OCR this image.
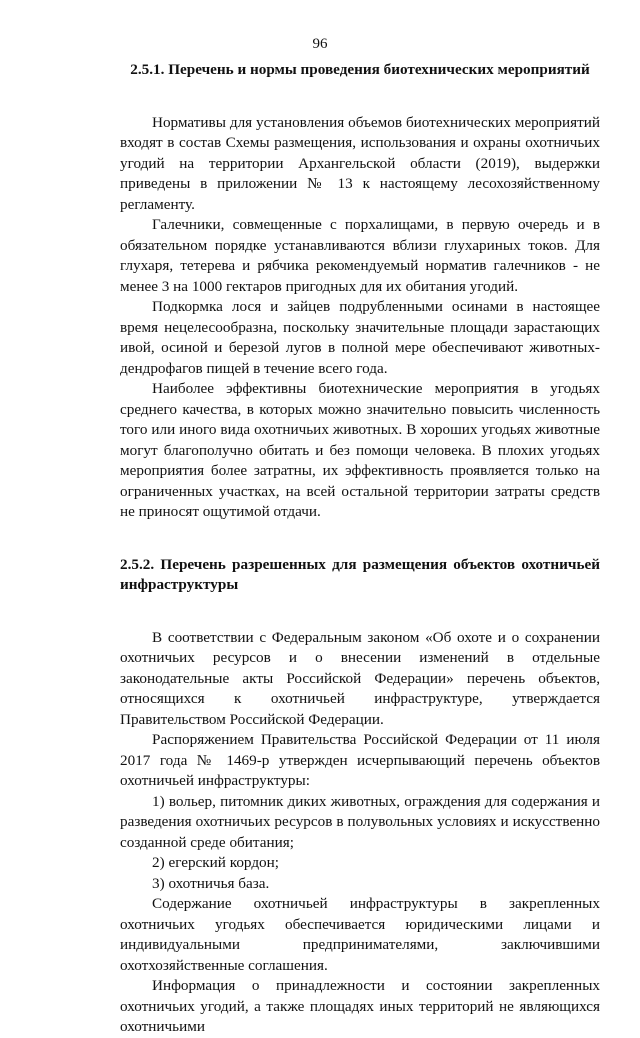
96
2.5.1. Перечень и нормы проведения биотехнических мероприятий

Нормативы для установления объемов биотехнических мероприятий входят в состав Схемы размещения, использования и охраны охотничьих угодий на территории Архангельской области (2019), выдержки приведены в приложении № 13 к настоящему лесохозяйственному регламенту.

Галечники, совмещенные с порхалищами, в первую очередь и в обязательном порядке устанавливаются вблизи глухариных токов. Для глухаря, тетерева и рябчика рекомендуемый норматив галечников - не менее 3 на 1000 гектаров пригодных для их обитания угодий.

Подкормка лося и зайцев подрубленными осинами в настоящее время нецелесообразна, поскольку значительные площади зарастающих ивой, осиной и березой лугов в полной мере обеспечивают животных-дендрофагов пищей в течение всего года.

Наиболее эффективны биотехнические мероприятия в угодьях среднего качества, в которых можно значительно повысить численность того или иного вида охотничьих животных. В хороших угодьях животные могут благополучно обитать и без помощи человека. В плохих угодьях мероприятия более затратны, их эффективность проявляется только на ограниченных участках, на всей остальной территории затраты средств не приносят ощутимой отдачи.

2.5.2. Перечень разрешенных для размещения объектов охотничьей инфраструктуры

В соответствии с Федеральным законом «Об охоте и о сохранении охотничьих ресурсов и о внесении изменений в отдельные законодательные акты Российской Федерации» перечень объектов, относящихся к охотничьей инфраструктуре, утверждается Правительством Российской Федерации.

Распоряжением Правительства Российской Федерации от 11 июля 2017 года № 1469-р утвержден исчерпывающий перечень объектов охотничьей инфраструктуры:

1) вольер, питомник диких животных, ограждения для содержания и разведения охотничьих ресурсов в полувольных условиях и искусственно созданной среде обитания;

2) егерский кордон;

3) охотничья база.

Содержание охотничьей инфраструктуры в закрепленных охотничьих угодьях обеспечивается юридическими лицами и индивидуальными предпринимателями, заключившими охотхозяйственные соглашения.

Информация о принадлежности и состоянии закрепленных охотничьих угодий, а также площадях иных территорий не являющихся охотничьими
